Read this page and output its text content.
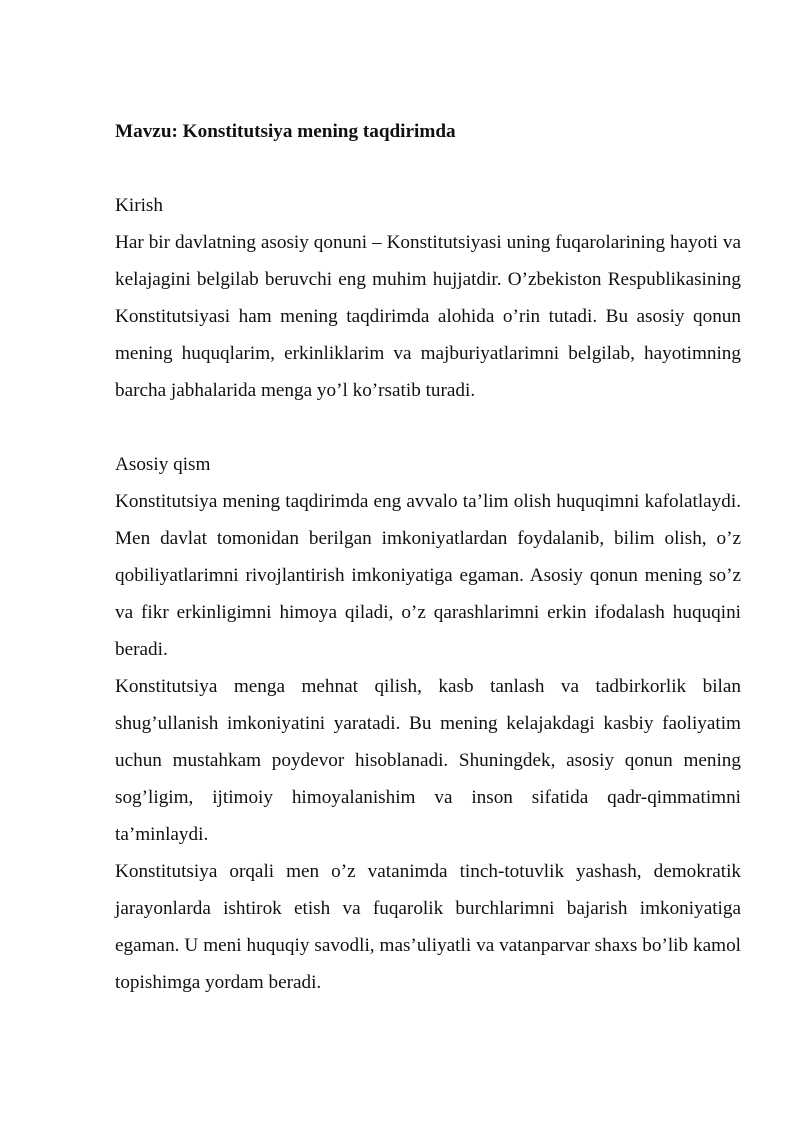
Mavzu: Konstitutsiya mening taqdirimda

Kirish

Har bir davlatning asosiy qonuni – Konstitutsiyasi uning fuqarolarining hayoti va kelajagini belgilab beruvchi eng muhim hujjatdir. O’zbekiston Respublikasining Konstitutsiyasi ham mening taqdirimda alohida o’rin tutadi. Bu asosiy qonun mening huquqlarim, erkinliklarim va majburiyatlarimni belgilab, hayotimning barcha jabhalarida menga yo’l ko’rsatib turadi.

Asosiy qism

Konstitutsiya mening taqdirimda eng avvalo ta’lim olish huquqimni kafolatlaydi. Men davlat tomonidan berilgan imkoniyatlardan foydalanib, bilim olish, o’z qobiliyatlarimni rivojlantirish imkoniyatiga egaman. Asosiy qonun mening so’z va fikr erkinligimni himoya qiladi, o’z qarashlarimni erkin ifodalash huquqini beradi.

Konstitutsiya menga mehnat qilish, kasb tanlash va tadbirkorlik bilan shug’ullanish imkoniyatini yaratadi. Bu mening kelajakdagi kasbiy faoliyatim uchun mustahkam poydevor hisoblanadi. Shuningdek, asosiy qonun mening sog’ligim, ijtimoiy himoyalanishim va inson sifatida qadr-qimmatimni ta’minlaydi.

Konstitutsiya orqali men o’z vatanimda tinch-totuvlik yashash, demokratik jarayonlarda ishtirok etish va fuqarolik burchlarimni bajarish imkoniyatiga egaman. U meni huquqiy savodli, mas’uliyatli va vatanparvar shaxs bo’lib kamol topishimga yordam beradi.
